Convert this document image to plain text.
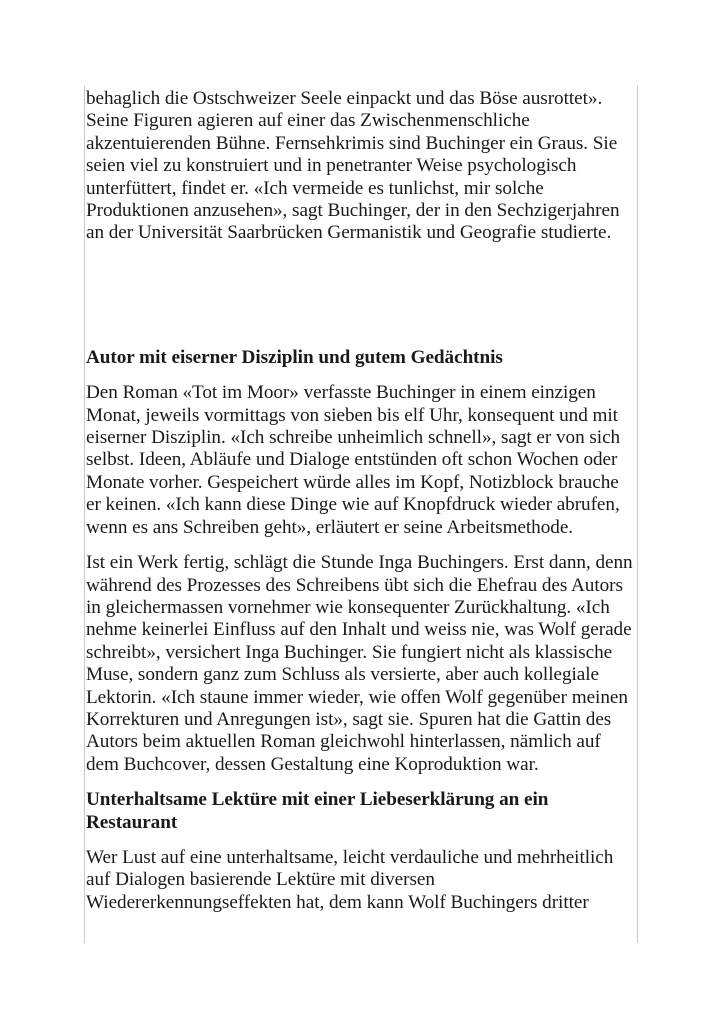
behaglich die Ostschweizer Seele einpackt und das Böse ausrottet». Seine Figuren agieren auf einer das Zwischenmenschliche akzentuierenden Bühne. Fernsehkrimis sind Buchinger ein Graus. Sie seien viel zu konstruiert und in penetranter Weise psychologisch unterfüttert, findet er. «Ich vermeide es tunlichst, mir solche Produktionen anzusehen», sagt Buchinger, der in den Sechzigerjahren an der Universität Saarbrücken Germanistik und Geografie studierte.

Autor mit eiserner Disziplin und gutem Gedächtnis

Den Roman «Tot im Moor» verfasste Buchinger in einem einzigen Monat, jeweils vormittags von sieben bis elf Uhr, konsequent und mit eiserner Disziplin. «Ich schreibe unheimlich schnell», sagt er von sich selbst. Ideen, Abläufe und Dialoge entstünden oft schon Wochen oder Monate vorher. Gespeichert würde alles im Kopf, Notizblock brauche er keinen. «Ich kann diese Dinge wie auf Knopfdruck wieder abrufen, wenn es ans Schreiben geht», erläutert er seine Arbeitsmethode.

Ist ein Werk fertig, schlägt die Stunde Inga Buchingers. Erst dann, denn während des Prozesses des Schreibens übt sich die Ehefrau des Autors in gleichermassen vornehmer wie konsequenter Zurückhaltung. «Ich nehme keinerlei Einfluss auf den Inhalt und weiss nie, was Wolf gerade schreibt», versichert Inga Buchinger. Sie fungiert nicht als klassische Muse, sondern ganz zum Schluss als versierte, aber auch kollegiale Lektorin. «Ich staune immer wieder, wie offen Wolf gegenüber meinen Korrekturen und Anregungen ist», sagt sie. Spuren hat die Gattin des Autors beim aktuellen Roman gleichwohl hinterlassen, nämlich auf dem Buchcover, dessen Gestaltung eine Koproduktion war.

Unterhaltsame Lektüre mit einer Liebeserklärung an ein Restaurant

Wer Lust auf eine unterhaltsame, leicht verdauliche und mehrheitlich auf Dialogen basierende Lektüre mit diversen Wiedererkennungseffekten hat, dem kann Wolf Buchingers dritter
